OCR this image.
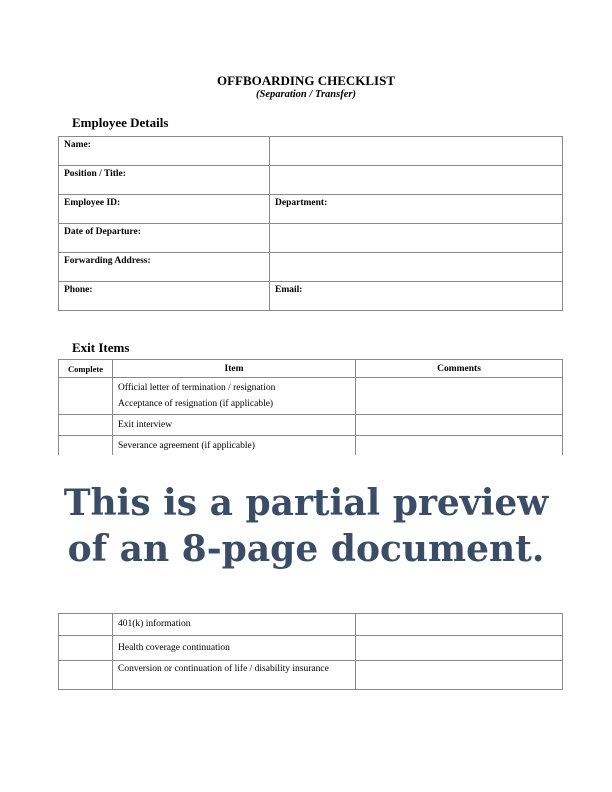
OFFBOARDING CHECKLIST
(Separation / Transfer)
Employee Details
Name:	
Position / Title:	
Employee ID:	Department:
Date of Departure:	
Forwarding Address:	
Phone:	Email:
Exit Items
Complete	Item	Comments

	Official letter of termination / resignation
Acceptance of resignation (if applicable)	

	Exit interview	
	Severance agreement (if applicable)	
This is a partial preview
of an 8-page document.
	401(k) information	
	Health coverage continuation	
	Conversion or continuation of life / disability insurance	
